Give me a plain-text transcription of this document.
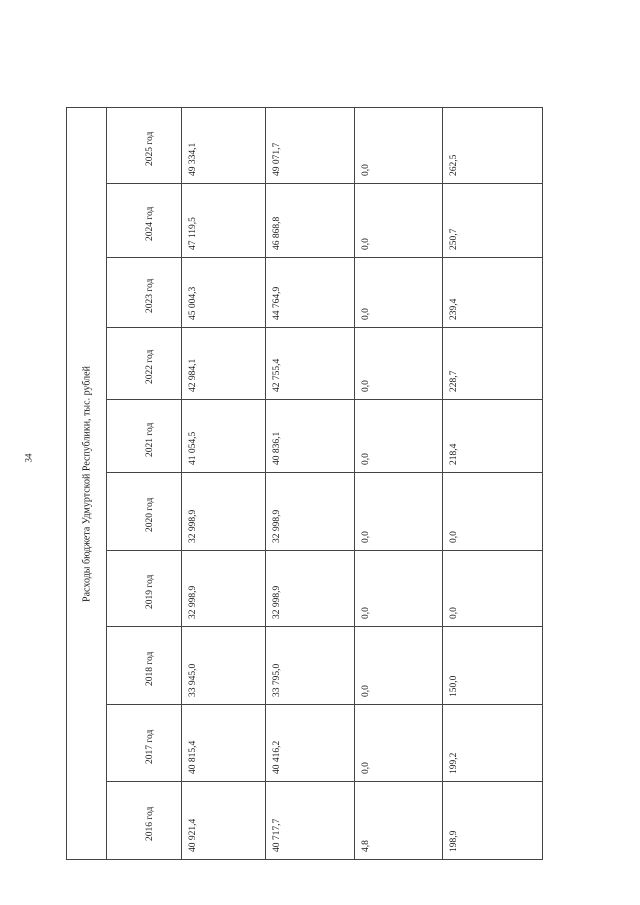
34	Расходы бюджета Удмуртской Республики, тыс. рублей
2025 год
2024 год
2023 год
2022 год
2021 год
2020 год
2019 год
2018 год
2017 год
2016 год
49 334,1
47 119,5
45 004,3
42 984,1
41 054,5
32 998,9
32 998,9
33 945,0
40 815,4
40 921,4
49 071,7
46 868,8
44 764,9
42 755,4
40 836,1
32 998,9
32 998,9
33 795,0
40 416,2
40 717,7
0,0
0,0
0,0
0,0
0,0
0,0
0,0
0,0
0,0
4,8
262,5
250,7
239,4
228,7
218,4
0,0
0,0
150,0
199,2
198,9
